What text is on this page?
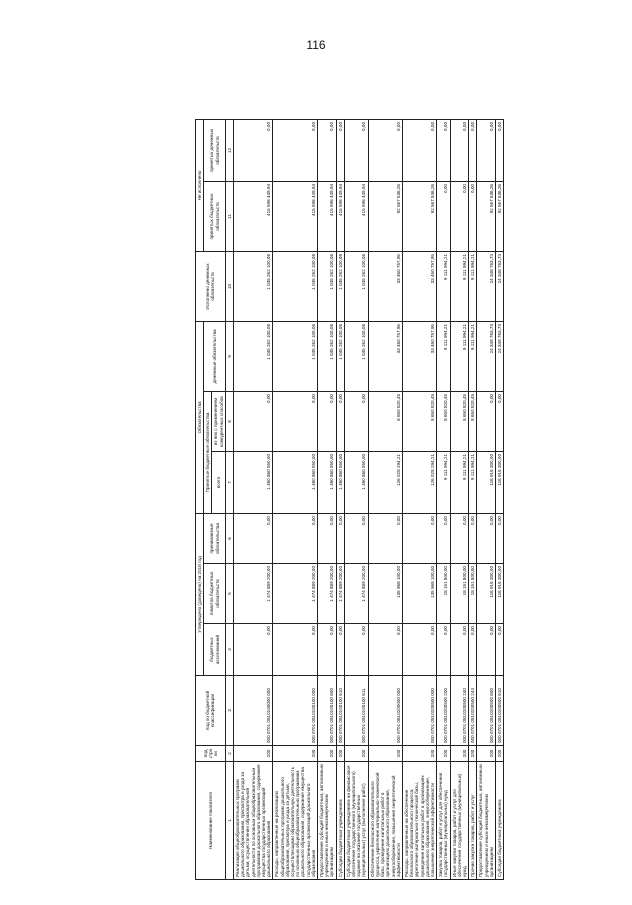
116
Наименование показателя	Код строки	Код по бюджетной классификации	Утверждено (доведено) на 2018 год			Обязательства			Исполнено денежных обязательств	Не исполнено	
			бюджетных ассигнований	лимитов бюджетных обязательств	принимаемые обязательства	Принятые бюджетные обязательства		денежные обязательства		принятых бюджетных обязательств	принятых денежных обязательств
						всего	из них с применением конкурентных способов				
1	2	3	4	5	6	7	8	9	10	11	12
Реализация общеобразовательных программ дошкольного образования, присмотра и ухода за детьми, осуществления образовательной деятельности по основным общеобразовательным программам дошкольного образования, содержание имущества государственных организаций дошкольного образования	200	000 0701 0810100000 000	0,00	1 474 889 200,00	0,00	1 460 860 550,00	0,00	1 045 262 100,06	1 045 262 100,06	415 598 449,94	0,00
Расходы, направленные на реализацию общеобразовательных программ дошкольного образования, присмотра и ухода за детьми, осуществляющими образовательную деятельность по основным общеобразовательным программам дошкольного образования, содержание имущества государственных организаций дошкольного образования	200	000 0701 0810100100 000	0,00	1 474 889 200,00	0,00	1 460 860 550,00	0,00	1 045 262 100,06	1 045 262 100,06	415 598 449,94	0,00
Предоставление субсидий бюджетным, автономным учреждениям и иным некоммерческим организациям	200	000 0701 0810100100 600	0,00	1 474 889 200,00	0,00	1 460 860 550,00	0,00	1 045 262 100,06	1 045 262 100,06	415 598 449,94	0,00
Субсидии бюджетным учреждениям	200	000 0701 0810100100 610	0,00	1 474 889 200,00	0,00	1 460 860 550,00	0,00	1 045 262 100,06	1 045 262 100,06	415 598 449,94	0,00
Субсидии бюджетным учреждениям на финансовое обеспечение государственного (муниципального) задания на оказание государственных (муниципальных) услуг (выполнение работ)	200	000 0701 0810100100 611	0,00	1 474 889 200,00	0,00	1 460 860 550,00	0,00	1 045 262 100,06	1 045 262 100,06	415 598 449,94	0,00
Обеспечение безопасного образовательного процесса, укрепление материально-технической базы, проведение капитальных работ в организациях дошкольного образования, энергосбережение, повышение энергетической эффективности	200	000 0701 0810200000 000	0,00	135 968 100,00	0,00	126 028 294,21	8 650 820,45	33 460 757,95	33 460 757,95	92 567 536,26	0,00
Расходы, направленные на обеспечение безопасного образовательного процесса, укрепление материально-технической базы, проведение капитальных работ в организациях дошкольного образования, энергосбережение, повышение энергетической эффективности	200	000 0701 0810200500 000	0,00	135 968 100,00	0,00	126 028 294,21	8 650 820,45	33 460 757,95	33 460 757,95	92 567 536,26	0,00
Закупка товаров, работ и услуг для обеспечения государственных (муниципальных) нужд	200	000 0701 0810200500 200	0,00	18 151 800,00	0,00	9 111 994,21	8 650 820,45	9 111 994,21	9 111 994,21	0,00	0,00
Иные закупки товаров, работ и услуг для обеспечения государственных (муниципальных) нужд	200	000 0701 0810200500 240	0,00	18 151 800,00	0,00	9 111 994,21	8 650 820,45	9 111 994,21	9 111 994,21	0,00	0,00
Прочая закупка товаров, работ и услуг	200	000 0701 0810200500 244	0,00	18 151 800,00	0,00	9 111 994,21	8 650 820,45	9 111 994,21	9 111 994,21	0,00	0,00
Предоставление субсидий бюджетным, автономным учреждениям и иным некоммерческим организациям	200	000 0701 0810200500 600	0,00	116 916 300,00	0,00	116 916 300,00	0,00	24 348 763,74	24 348 763,74	92 567 536,26	0,00
Субсидии бюджетным учреждениям	200	000 0701 0810200500 610	0,00	116 916 300,00	0,00	116 916 300,00	0,00	24 348 763,74	24 348 763,74	92 567 536,26	0,00
